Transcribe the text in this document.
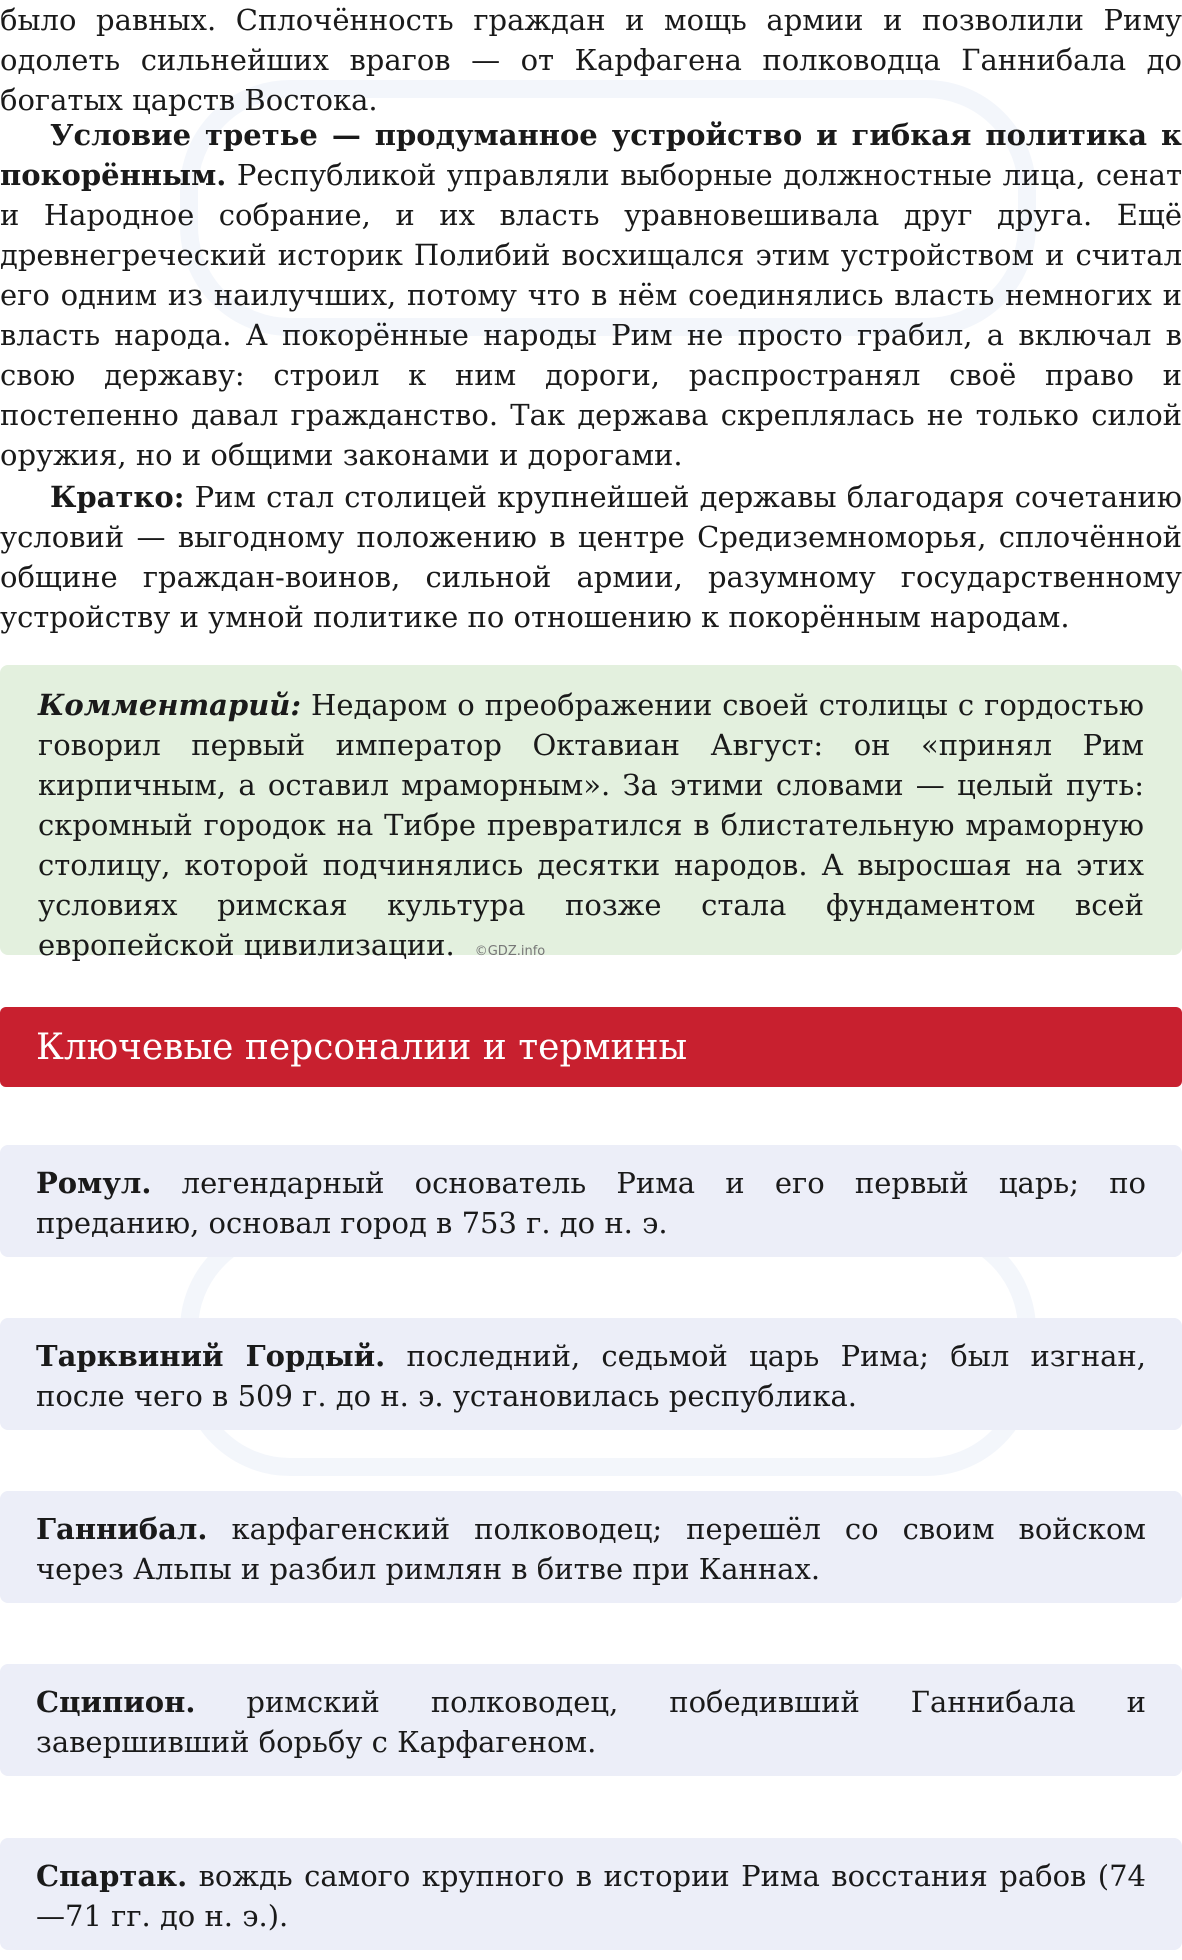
было равных. Сплочённость граждан и мощь армии и позволили Риму одолеть сильнейших врагов — от Карфагена полководца Ганнибала до богатых царств Востока.

Условие третье — продуманное устройство и гибкая политика к покорённым. Республикой управляли выборные должностные лица, сенат и Народное собрание, и их власть уравновешивала друг друга. Ещё древнегреческий историк Полибий восхищался этим устройством и считал его одним из наилучших, потому что в нём соединялись власть немногих и власть народа. А покорённые народы Рим не просто грабил, а включал в свою державу: строил к ним дороги, распространял своё право и постепенно давал гражданство. Так держава скреплялась не только силой оружия, но и общими законами и дорогами.

Кратко: Рим стал столицей крупнейшей державы благодаря сочетанию условий — выгодному положению в центре Средиземноморья, сплочённой общине граждан-воинов, сильной армии, разумному государственному устройству и умной политике по отношению к покорённым народам.

Комментарий: Недаром о преображении своей столицы с гордостью говорил первый император Октавиан Август: он «принял Рим кирпичным, а оставил мраморным». За этими словами — целый путь: скромный городок на Тибре превратился в блистательную мраморную столицу, которой подчинялись десятки народов. А выросшая на этих условиях римская культура позже стала фундаментом всей европейской цивилизации. ©GDZ.info

Ключевые персоналии и термины

Ромул. легендарный основатель Рима и его первый царь; по преданию, основал город в 753 г. до н. э.

Тарквиний Гордый. последний, седьмой царь Рима; был изгнан, после чего в 509 г. до н. э. установилась республика.

Ганнибал. карфагенский полководец; перешёл со своим войском через Альпы и разбил римлян в битве при Каннах.

Сципион. римский полководец, победивший Ганнибала и завершивший борьбу с Карфагеном.

Спартак. вождь самого крупного в истории Рима восстания рабов (74—71 гг. до н. э.).
